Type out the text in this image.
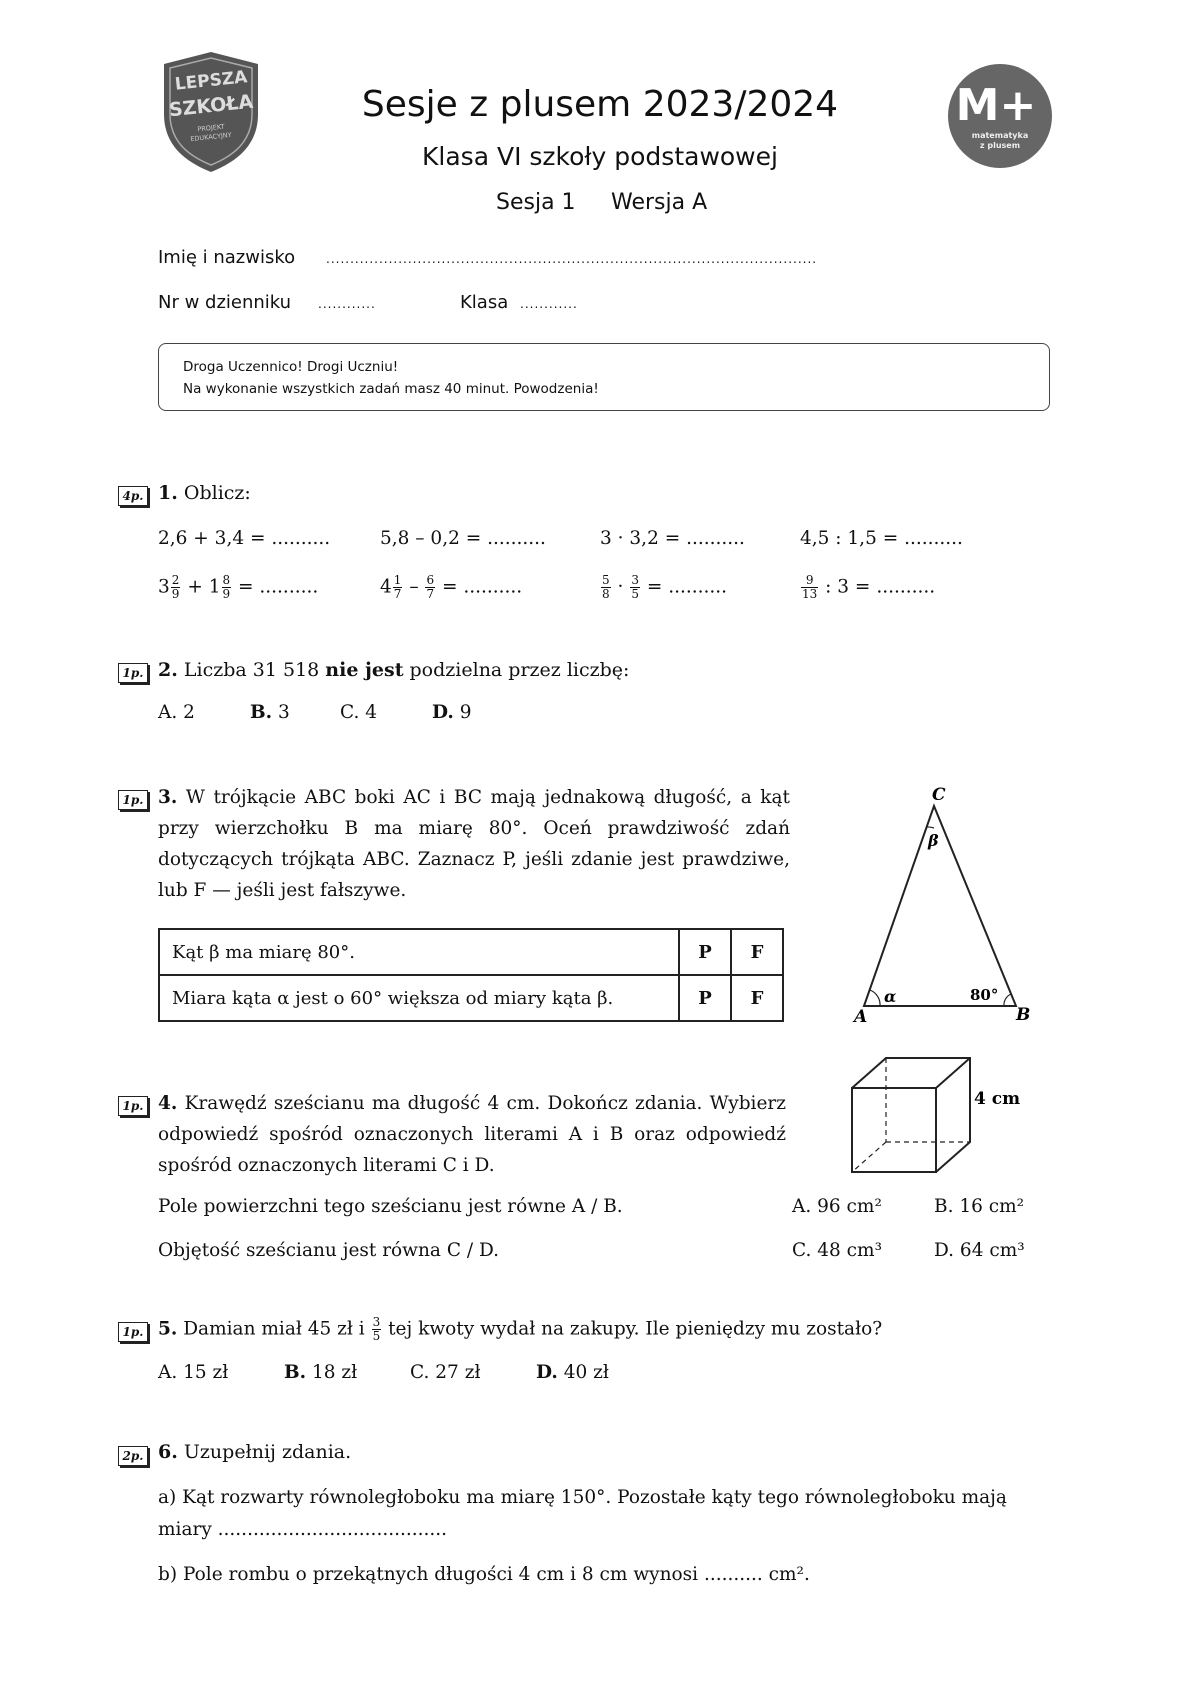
LEPSZA
SZKOŁA
PROJEKT
EDUKACYJNY
M+
matematyka
z plusem
Sesje z plusem 2023/2024
Klasa VI szkoły podstawowej
Sesja 1 Wersja A
Imię i nazwisko	......................................................................................................
Nr w dzienniku ............	Klasa ............
Droga Uczennico! Drogi Uczniu!
Na wykonanie wszystkich zadań masz 40 minut. Powodzenia!
4p. 1. Oblicz:
2,6 + 3,4 = ..........	5,8 – 0,2 = ..........	3 · 3,2 = ..........	4,5 : 1,5 = ..........
$3 \frac{2}{9} + 1 \frac{8}{9}$ = ..........	$4 \frac{1}{7} - \frac{6}{7}$ = ..........	$\frac{5}{8} \cdot \frac{3}{5}$ = ..........	$\frac{9}{13}$ : 3 = ..........
1p. 2. Liczba 31 518 nie jest podzielna przez liczbę:
A. 2	B. 3	C. 4	D. 9
1p. 3. W trójkącie ABC boki AC i BC mają jednakową długość, a kąt przy wierzchołku B ma miarę 80°. Oceń prawdziwość zdań dotyczących trójkąta ABC. Zaznacz P, jeśli zdanie jest prawdziwe, lub F — jeśli jest fałszywe.
Kąt β ma miarę 80°.	P	F
Miara kąta α jest o 60° większa od miary kąta β.	P	F
C
A	B
α
β
80°
1p. 4. Krawędź sześcianu ma długość 4 cm. Dokończ zdania. Wybierz odpowiedź spośród oznaczonych literami A i B oraz odpowiedź spośród oznaczonych literami C i D.
4 cm
Pole powierzchni tego sześcianu jest równe A / B.
Objętość sześcianu jest równa C / D.
A. 96 cm²	B. 16 cm²
C. 48 cm³	D. 64 cm³
1p. 5. Damian miał 45 zł i $\frac{3}{5}$ tej kwoty wydał na zakupy. Ile pieniędzy mu zostało?
A. 15 zł	B. 18 zł	C. 27 zł	D. 40 zł
2p. 6. Uzupełnij zdania.
a) Kąt rozwarty równoległoboku ma miarę 150°. Pozostałe kąty tego równoległoboku mają
miary .......................................
b) Pole rombu o przekątnych długości 4 cm i 8 cm wynosi .......... cm².
